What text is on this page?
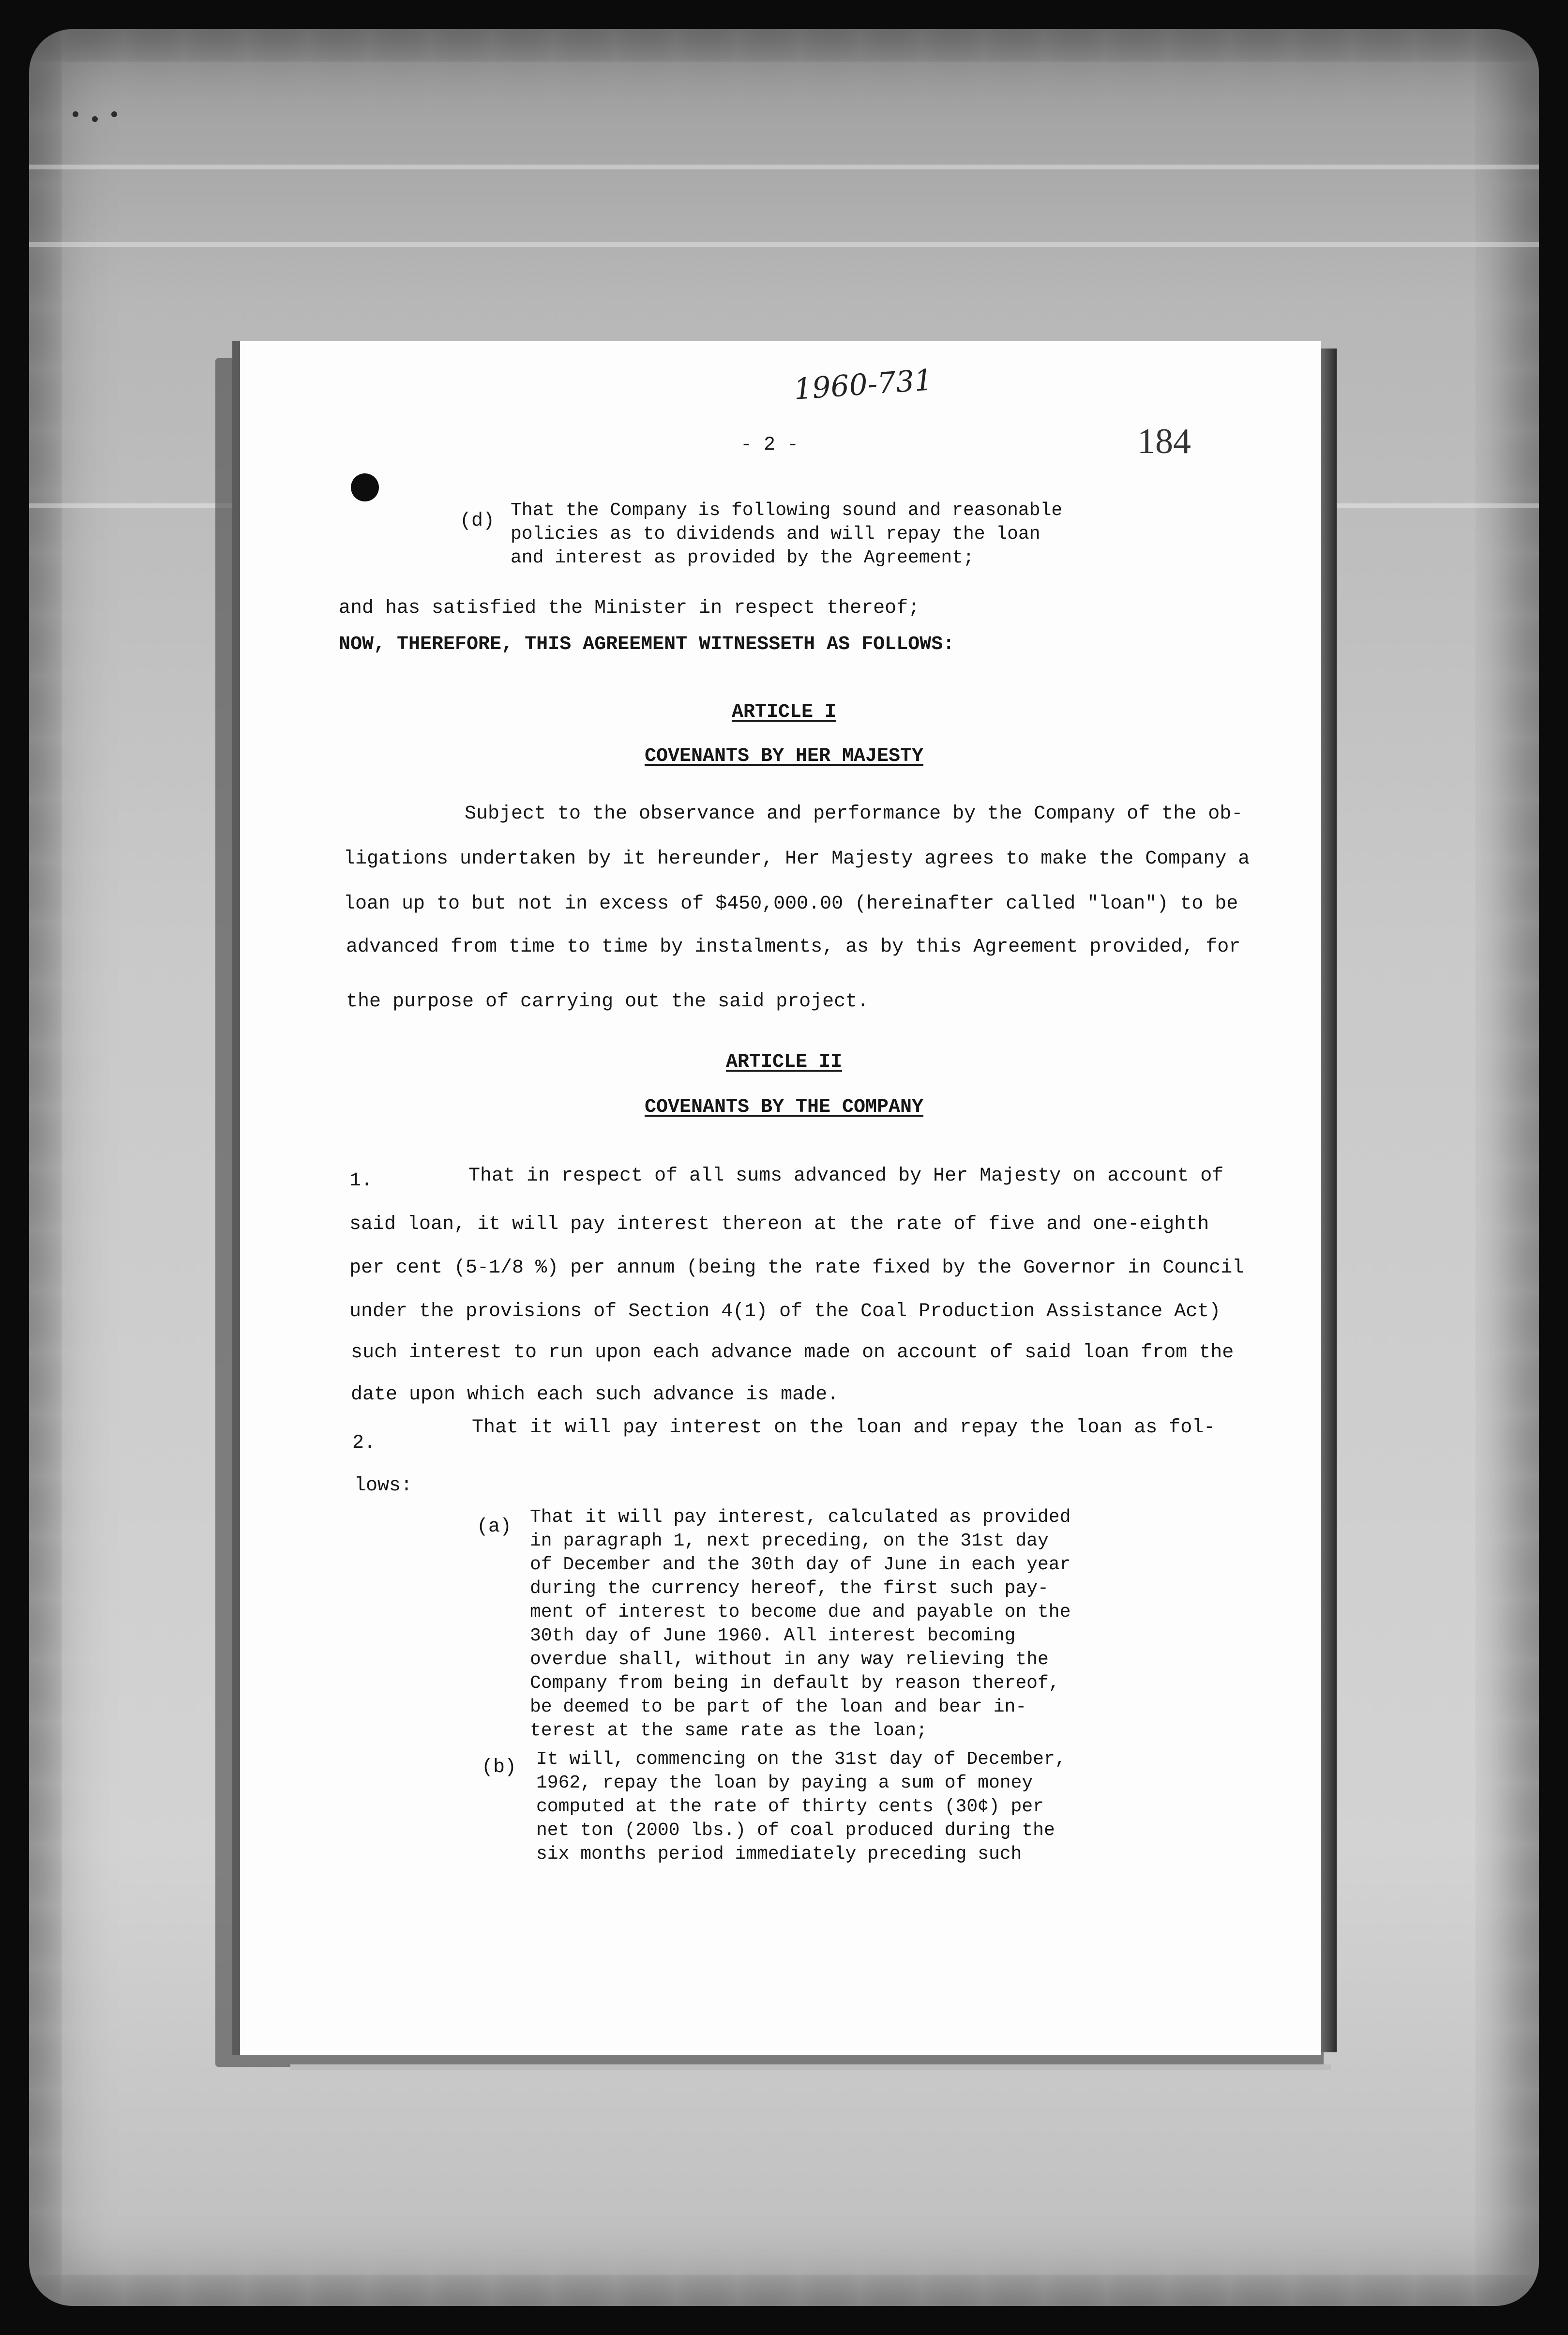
1960-731
184
- 2 -
(d) That the Company is following sound and reasonable
policies as to dividends and will repay the loan
and interest as provided by the Agreement;
and has satisfied the Minister in respect thereof;
NOW, THEREFORE, THIS AGREEMENT WITNESSETH AS FOLLOWS:
ARTICLE I
COVENANTS BY HER MAJESTY
Subject to the observance and performance by the Company of the ob-
ligations undertaken by it hereunder, Her Majesty agrees to make the Company a
loan up to but not in excess of $450,000.00 (hereinafter called "loan") to be
advanced from time to time by instalments, as by this Agreement provided, for
the purpose of carrying out the said project.
ARTICLE II
COVENANTS BY THE COMPANY
1.	That in respect of all sums advanced by Her Majesty on account of
said loan, it will pay interest thereon at the rate of five and one-eighth
per cent (5-1/8 %) per annum (being the rate fixed by the Governor in Council
under the provisions of Section 4(1) of the Coal Production Assistance Act)
such interest to run upon each advance made on account of said loan from the
date upon which each such advance is made.
2.
That it will pay interest on the loan and repay the loan as fol-
lows:
(a) That it will pay interest, calculated as provided
in paragraph 1, next preceding, on the 31st day
of December and the 30th day of June in each year
during the currency hereof, the first such pay-
ment of interest to become due and payable on the
30th day of June 1960. All interest becoming
overdue shall, without in any way relieving the
Company from being in default by reason thereof,
be deemed to be part of the loan and bear in-
terest at the same rate as the loan;
(b) It will, commencing on the 31st day of December,
1962, repay the loan by paying a sum of money
computed at the rate of thirty cents (30¢) per
net ton (2000 lbs.) of coal produced during the
six months period immediately preceding such
